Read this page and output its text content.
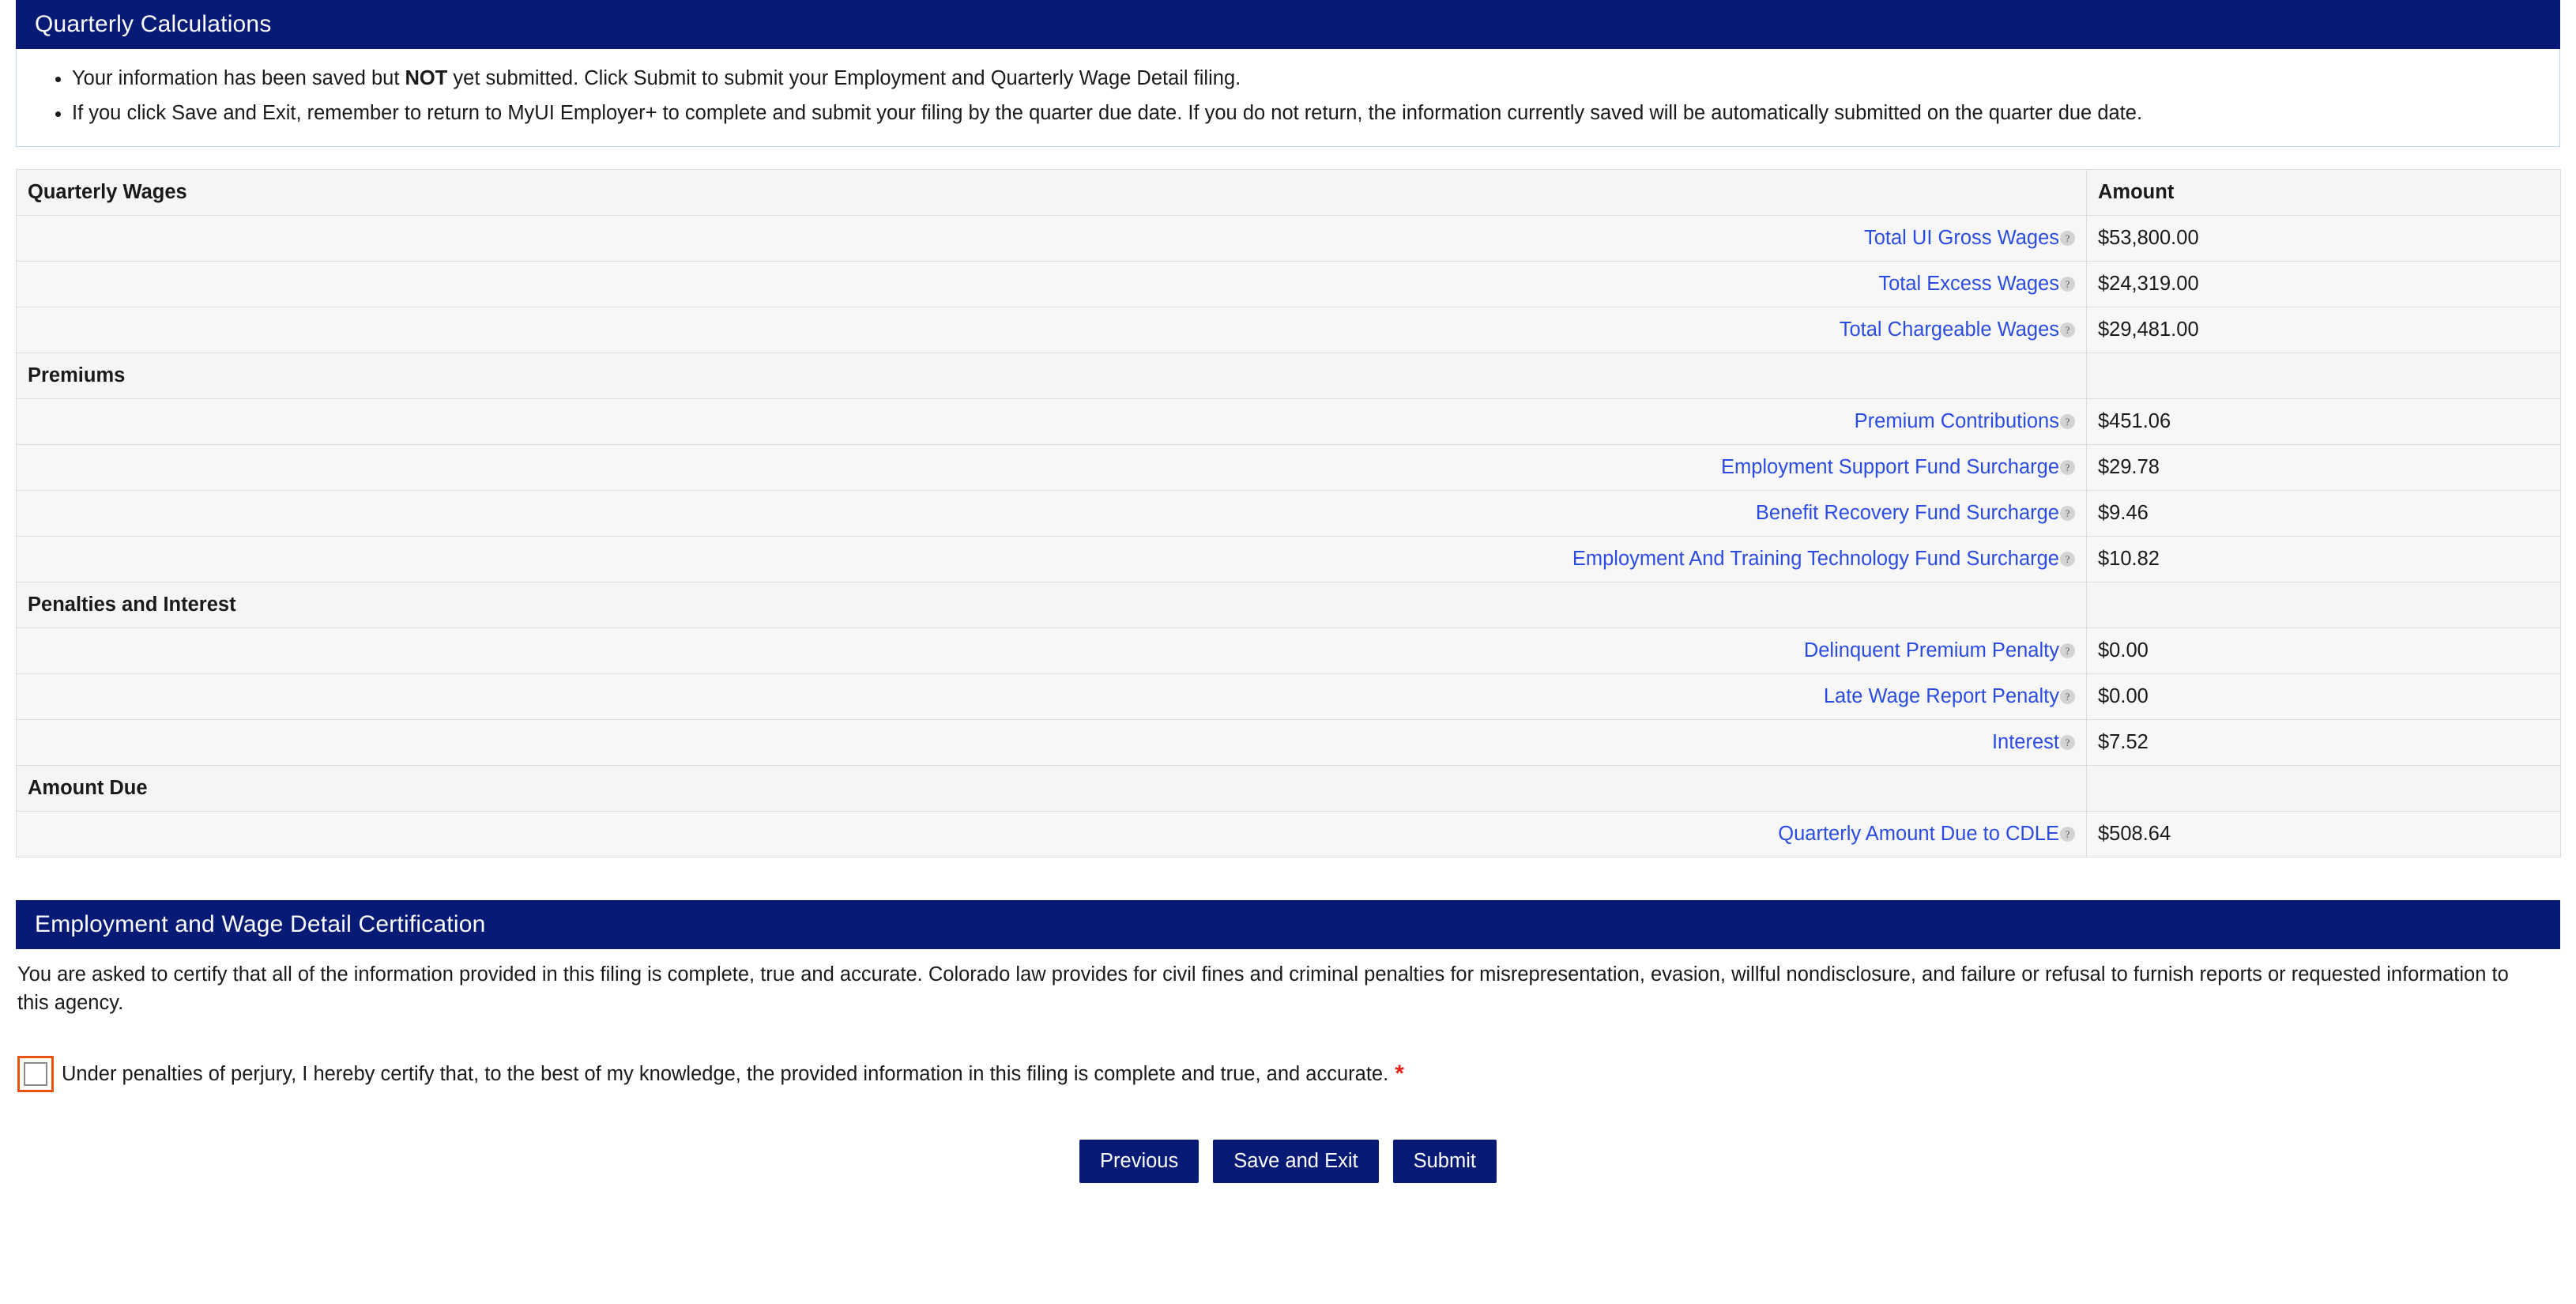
Quarterly Calculations
• Your information has been saved but NOT yet submitted. Click Submit to submit your Employment and Quarterly Wage Detail filing.
• If you click Save and Exit, remember to return to MyUI Employer+ to complete and submit your filing by the quarter due date. If you do not return, the information currently saved will be automatically submitted on the quarter due date.
Quarterly Wages	Amount
Total UI Gross Wages ?	$53,800.00
Total Excess Wages ?	$24,319.00
Total Chargeable Wages ?	$29,481.00
Premiums	
Premium Contributions ?	$451.06
Employment Support Fund Surcharge ?	$29.78
Benefit Recovery Fund Surcharge ?	$9.46
Employment And Training Technology Fund Surcharge ?	$10.82
Penalties and Interest	
Delinquent Premium Penalty ?	$0.00
Late Wage Report Penalty ?	$0.00
Interest ?	$7.52
Amount Due	
Quarterly Amount Due to CDLE ?	$508.64
Employment and Wage Detail Certification
You are asked to certify that all of the information provided in this filing is complete, true and accurate. Colorado law provides for civil fines and criminal penalties for misrepresentation, evasion, willful nondisclosure, and failure or refusal to furnish reports or requested information to this agency.
Under penalties of perjury, I hereby certify that, to the best of my knowledge, the provided information in this filing is complete and true, and accurate. *
Previous	Save and Exit	Submit
